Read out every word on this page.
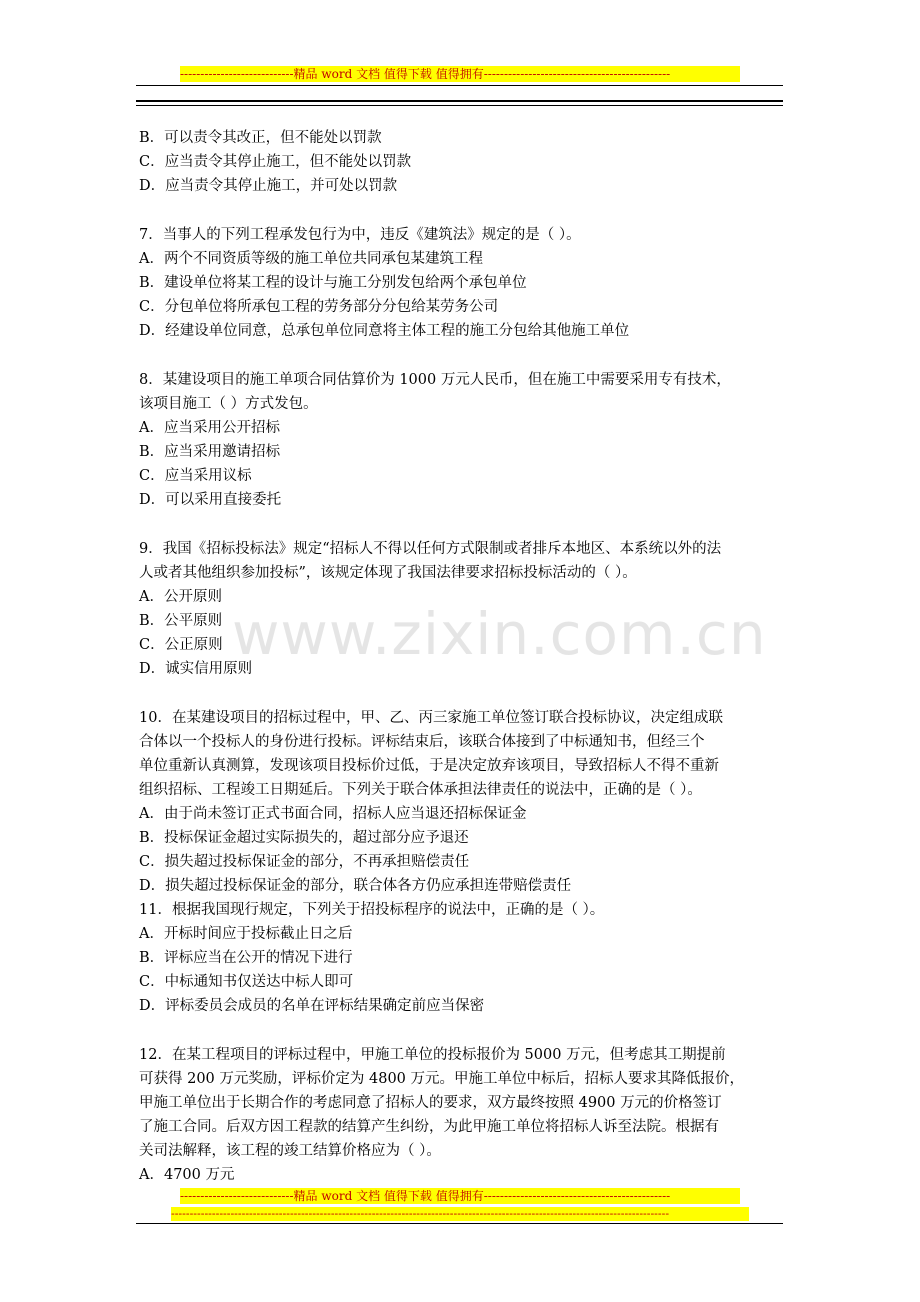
----------------------------精品 word 文档 值得下载 值得拥有----------------------------------------------
www.zixin.com.cn
B．可以责令其改正，但不能处以罚款
C．应当责令其停止施工，但不能处以罚款
D．应当责令其停止施工，并可处以罚款
7．当事人的下列工程承发包行为中，违反《建筑法》规定的是（ ）。
A．两个不同资质等级的施工单位共同承包某建筑工程
B．建设单位将某工程的设计与施工分别发包给两个承包单位
C．分包单位将所承包工程的劳务部分分包给某劳务公司
D．经建设单位同意，总承包单位同意将主体工程的施工分包给其他施工单位
8．某建设项目的施工单项合同估算价为 1000 万元人民币，但在施工中需要采用专有技术，
该项目施工（ ）方式发包。
A．应当采用公开招标
B．应当采用邀请招标
C．应当采用议标
D．可以采用直接委托
9．我国《招标投标法》规定“招标人不得以任何方式限制或者排斥本地区、本系统以外的法
人或者其他组织参加投标”，该规定体现了我国法律要求招标投标活动的（ ）。
A．公开原则
B．公平原则
C．公正原则
D．诚实信用原则
10．在某建设项目的招标过程中，甲、乙、丙三家施工单位签订联合投标协议，决定组成联
合体以一个投标人的身份进行投标。评标结束后，该联合体接到了中标通知书，但经三个
单位重新认真测算，发现该项目投标价过低，于是决定放弃该项目，导致招标人不得不重新
组织招标、工程竣工日期延后。下列关于联合体承担法律责任的说法中，正确的是（ ）。
A．由于尚未签订正式书面合同，招标人应当退还招标保证金
B．投标保证金超过实际损失的，超过部分应予退还
C．损失超过投标保证金的部分，不再承担赔偿责任
D．损失超过投标保证金的部分，联合体各方仍应承担连带赔偿责任
11．根据我国现行规定，下列关于招投标程序的说法中，正确的是（ ）。
A．开标时间应于投标截止日之后
B．评标应当在公开的情况下进行
C．中标通知书仅送达中标人即可
D．评标委员会成员的名单在评标结果确定前应当保密
12．在某工程项目的评标过程中，甲施工单位的投标报价为 5000 万元，但考虑其工期提前
可获得 200 万元奖励，评标价定为 4800 万元。甲施工单位中标后，招标人要求其降低报价，
甲施工单位出于长期合作的考虑同意了招标人的要求，双方最终按照 4900 万元的价格签订
了施工合同。后双方因工程款的结算产生纠纷，为此甲施工单位将招标人诉至法院。根据有
关司法解释，该工程的竣工结算价格应为（ ）。
A．4700 万元
----------------------------精品 word 文档 值得下载 值得拥有----------------------------------------------
--------------------------------------------------------------------------------------------------------------------------------------
